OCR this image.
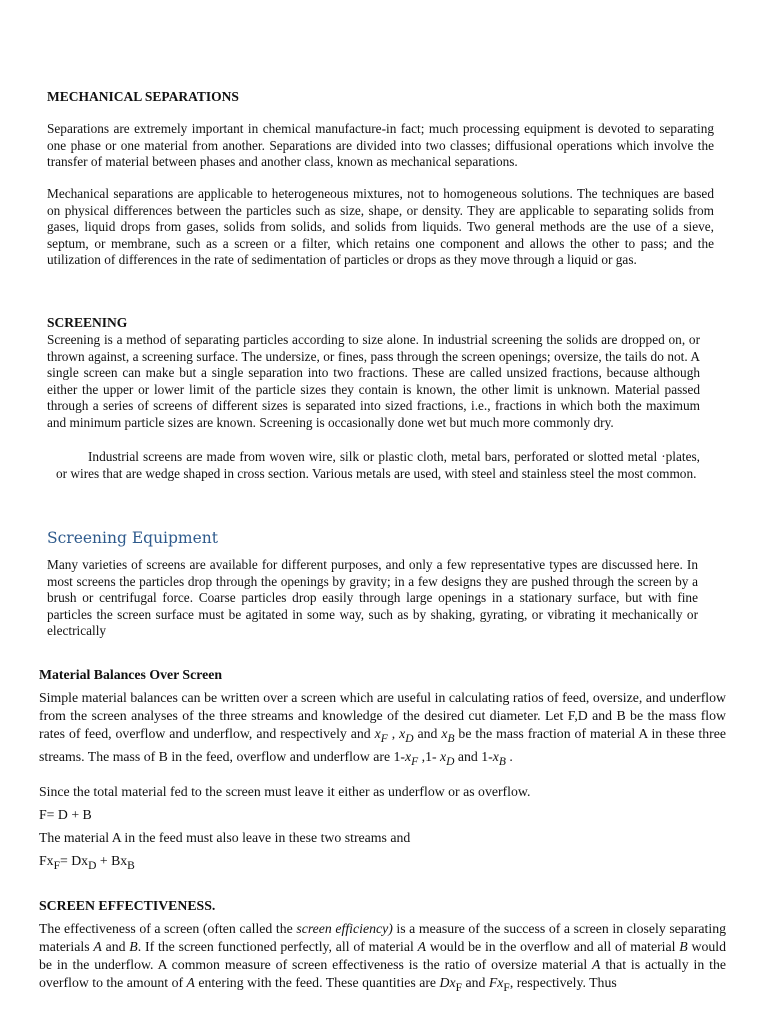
MECHANICAL SEPARATIONS

Separations are extremely important in chemical manufacture-in fact; much processing equipment is devoted to separating one phase or one material from another. Separations are divided into two classes; diffusional operations which involve the transfer of material between phases and another class, known as mechanical separations.

Mechanical separations are applicable to heterogeneous mixtures, not to homogeneous solutions. The techniques are based on physical differences between the particles such as size, shape, or density. They are applicable to separating solids from gases, liquid drops from gases, solids from solids, and solids from liquids. Two general methods are the use of a sieve, septum, or membrane, such as a screen or a filter, which retains one component and allows the other to pass; and the utilization of differences in the rate of sedimentation of particles or drops as they move through a liquid or gas.

SCREENING

Screening is a method of separating particles according to size alone. In industrial screening the solids are dropped on, or thrown against, a screening surface. The undersize, or fines, pass through the screen openings; oversize, the tails do not. A single screen can make but a single separation into two fractions. These are called unsized fractions, because although either the upper or lower limit of the particle sizes they contain is known, the other limit is unknown. Material passed through a series of screens of different sizes is separated into sized fractions, i.e., fractions in which both the maximum and minimum particle sizes are known. Screening is occasionally done wet but much more commonly dry.

Industrial screens are made from woven wire, silk or plastic cloth, metal bars, perforated or slotted metal ·plates, or wires that are wedge shaped in cross section. Various metals are used, with steel and stainless steel the most common.

Screening Equipment

Many varieties of screens are available for different purposes, and only a few representative types are discussed here. In most screens the particles drop through the openings by gravity; in a few designs they are pushed through the screen by a brush or centrifugal force. Coarse particles drop easily through large openings in a stationary surface, but with fine particles the screen surface must be agitated in some way, such as by shaking, gyrating, or vibrating it mechanically or electrically

Material Balances Over Screen

Simple material balances can be written over a screen which are useful in calculating ratios of feed, oversize, and underflow from the screen analyses of the three streams and knowledge of the desired cut diameter. Let F,D and B be the mass flow rates of feed, overflow and underflow, and respectively and $x_F$ , $x_D$ and $x_B$ be the mass fraction of material A in these three streams. The mass of B in the feed, overflow and underflow are $1-x_F$ ,1- $x_D$ and $1-x_B$ .

Since the total material fed to the screen must leave it either as underflow or as overflow.

F= D + B

The material A in the feed must also leave in these two streams and

$Fx_F= Dx_D + Bx_B$

SCREEN EFFECTIVENESS.

The effectiveness of a screen (often called the screen efficiency) is a measure of the success of a screen in closely separating materials A and B. If the screen functioned perfectly, all of material A would be in the overflow and all of material B would be in the underflow. A common measure of screen effectiveness is the ratio of oversize material A that is actually in the overflow to the amount of A entering with the feed. These quantities are $Dx_F$ and $Fx_F$, respectively. Thus
